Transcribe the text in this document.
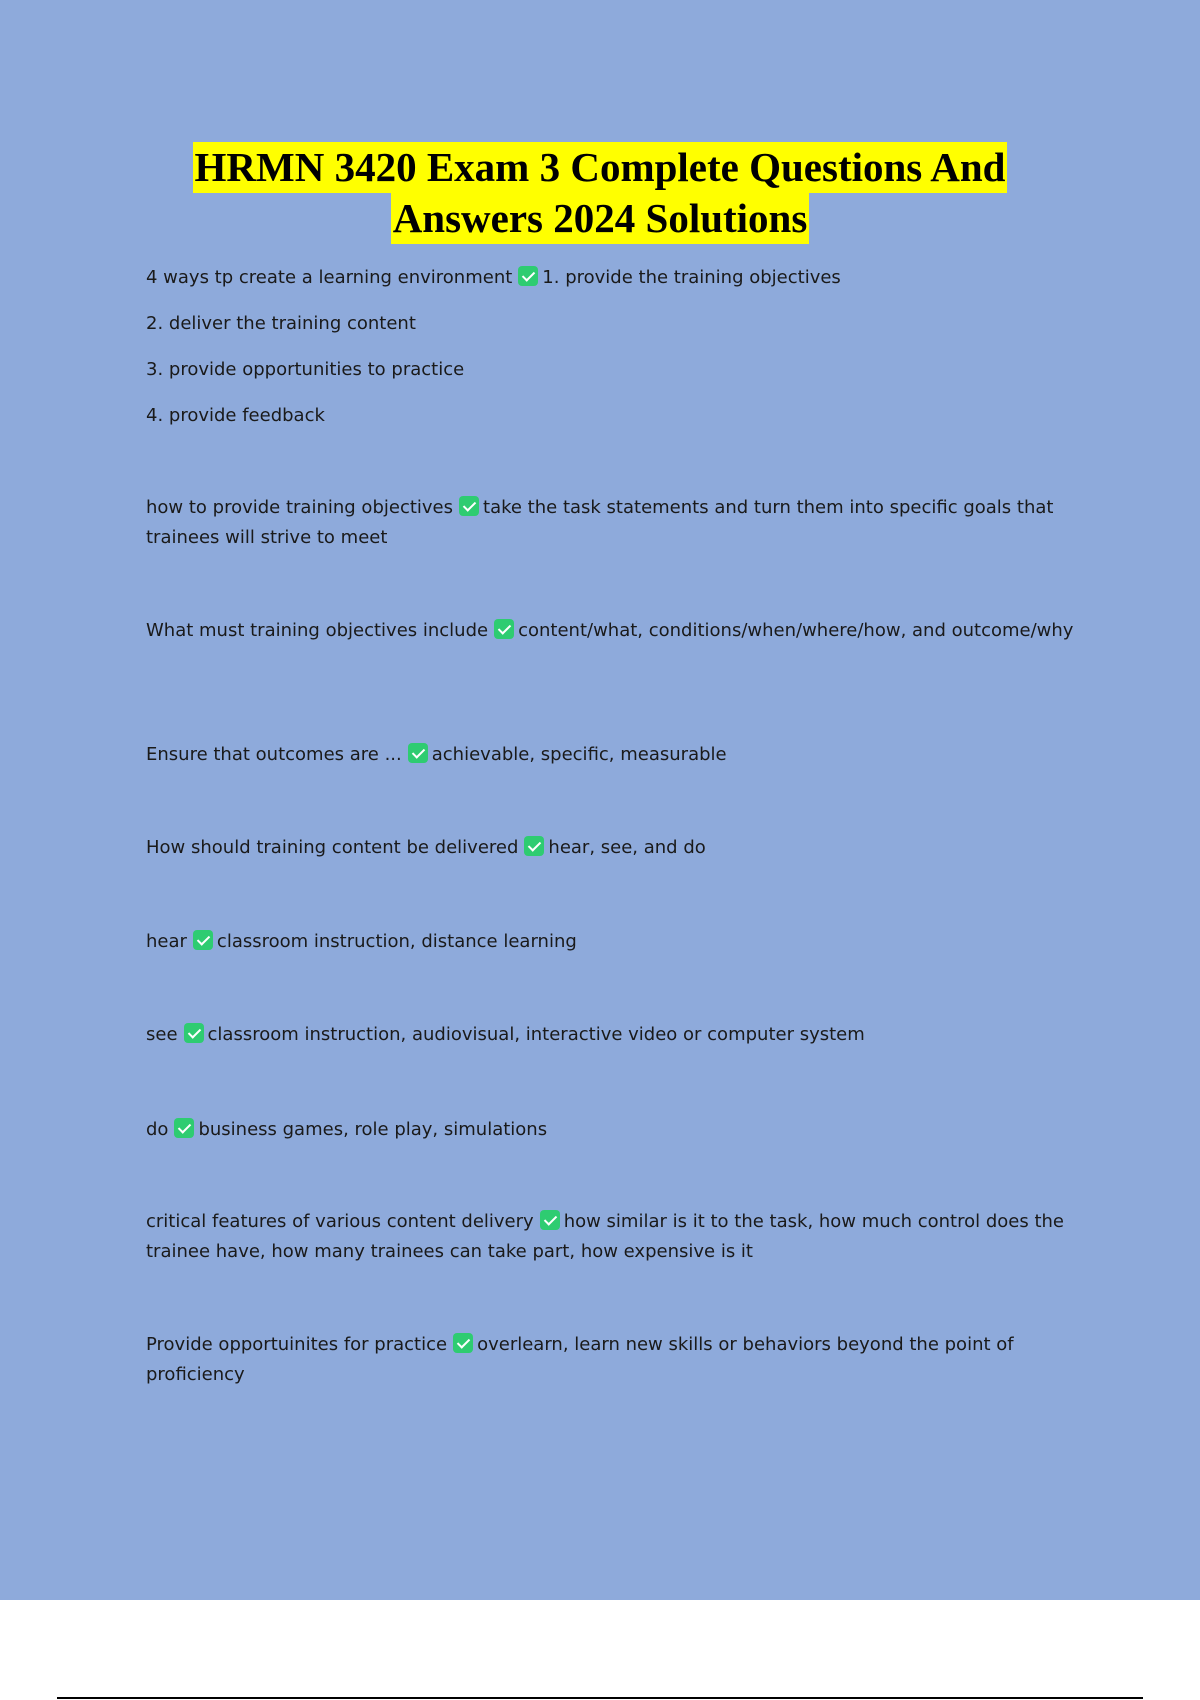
HRMN 3420 Exam 3 Complete Questions And
Answers 2024 Solutions

4 ways tp create a learning environment 1. provide the training objectives

2. deliver the training content

3. provide opportunities to practice

4. provide feedback

how to provide training objectives take the task statements and turn them into specific goals that trainees will strive to meet

What must training objectives include content/what, conditions/when/where/how, and outcome/why

Ensure that outcomes are ... achievable, specific, measurable

How should training content be delivered hear, see, and do

hear classroom instruction, distance learning

see classroom instruction, audiovisual, interactive video or computer system

do business games, role play, simulations

critical features of various content delivery how similar is it to the task, how much control does the trainee have, how many trainees can take part, how expensive is it

Provide opportuinites for practice overlearn, learn new skills or behaviors beyond the point of proficiency
